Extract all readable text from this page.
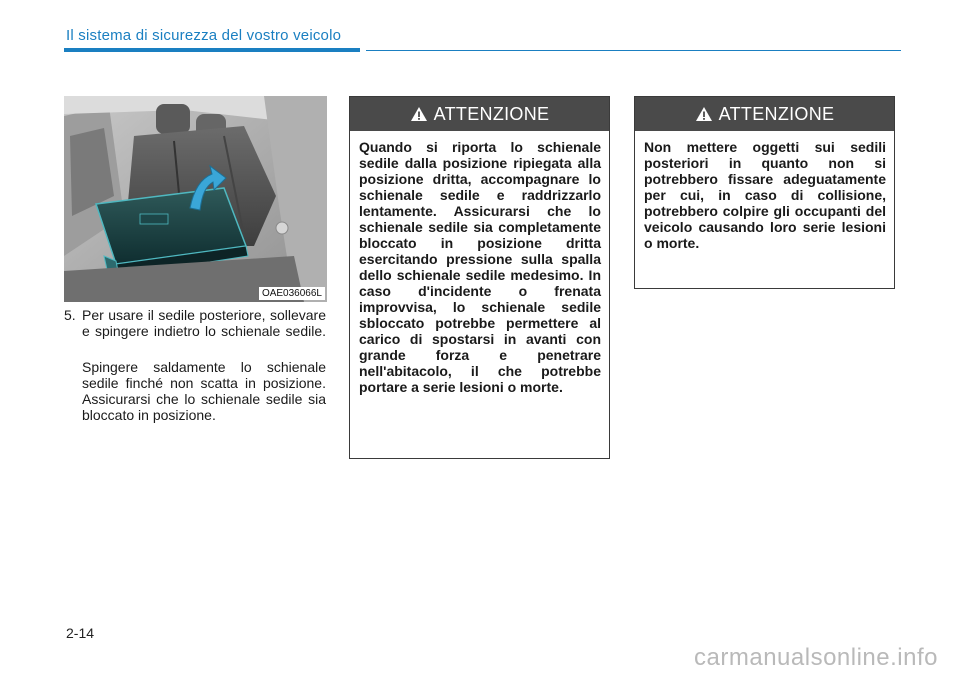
Il sistema di sicurezza del vostro veicolo
OAE036066L
5. Per usare il sedile posteriore, sollevare e spingere indietro lo schienale sedile.
Spingere saldamente lo schienale sedile finché non scatta in posizione. Assicurarsi che lo schienale sedile sia bloccato in posizione.
ATTENZIONE
Quando si riporta lo schienale sedile dalla posizione ripiegata alla posizione dritta, accompagnare lo schienale sedile e raddrizzarlo lentamente. Assicurarsi che lo schienale sedile sia completamente bloccato in posizione dritta esercitando pressione sulla spalla dello schienale sedile medesimo. In caso d'incidente o frenata improvvisa, lo schienale sedile sbloccato potrebbe permettere al carico di spostarsi in avanti con grande forza e penetrare nell'abitacolo, il che potrebbe portare a serie lesioni o morte.
ATTENZIONE
Non mettere oggetti sui sedili posteriori in quanto non si potrebbero fissare adeguatamente per cui, in caso di collisione, potrebbero colpire gli occupanti del veicolo causando loro serie lesioni o morte.
2-14
carmanualsonline.info
